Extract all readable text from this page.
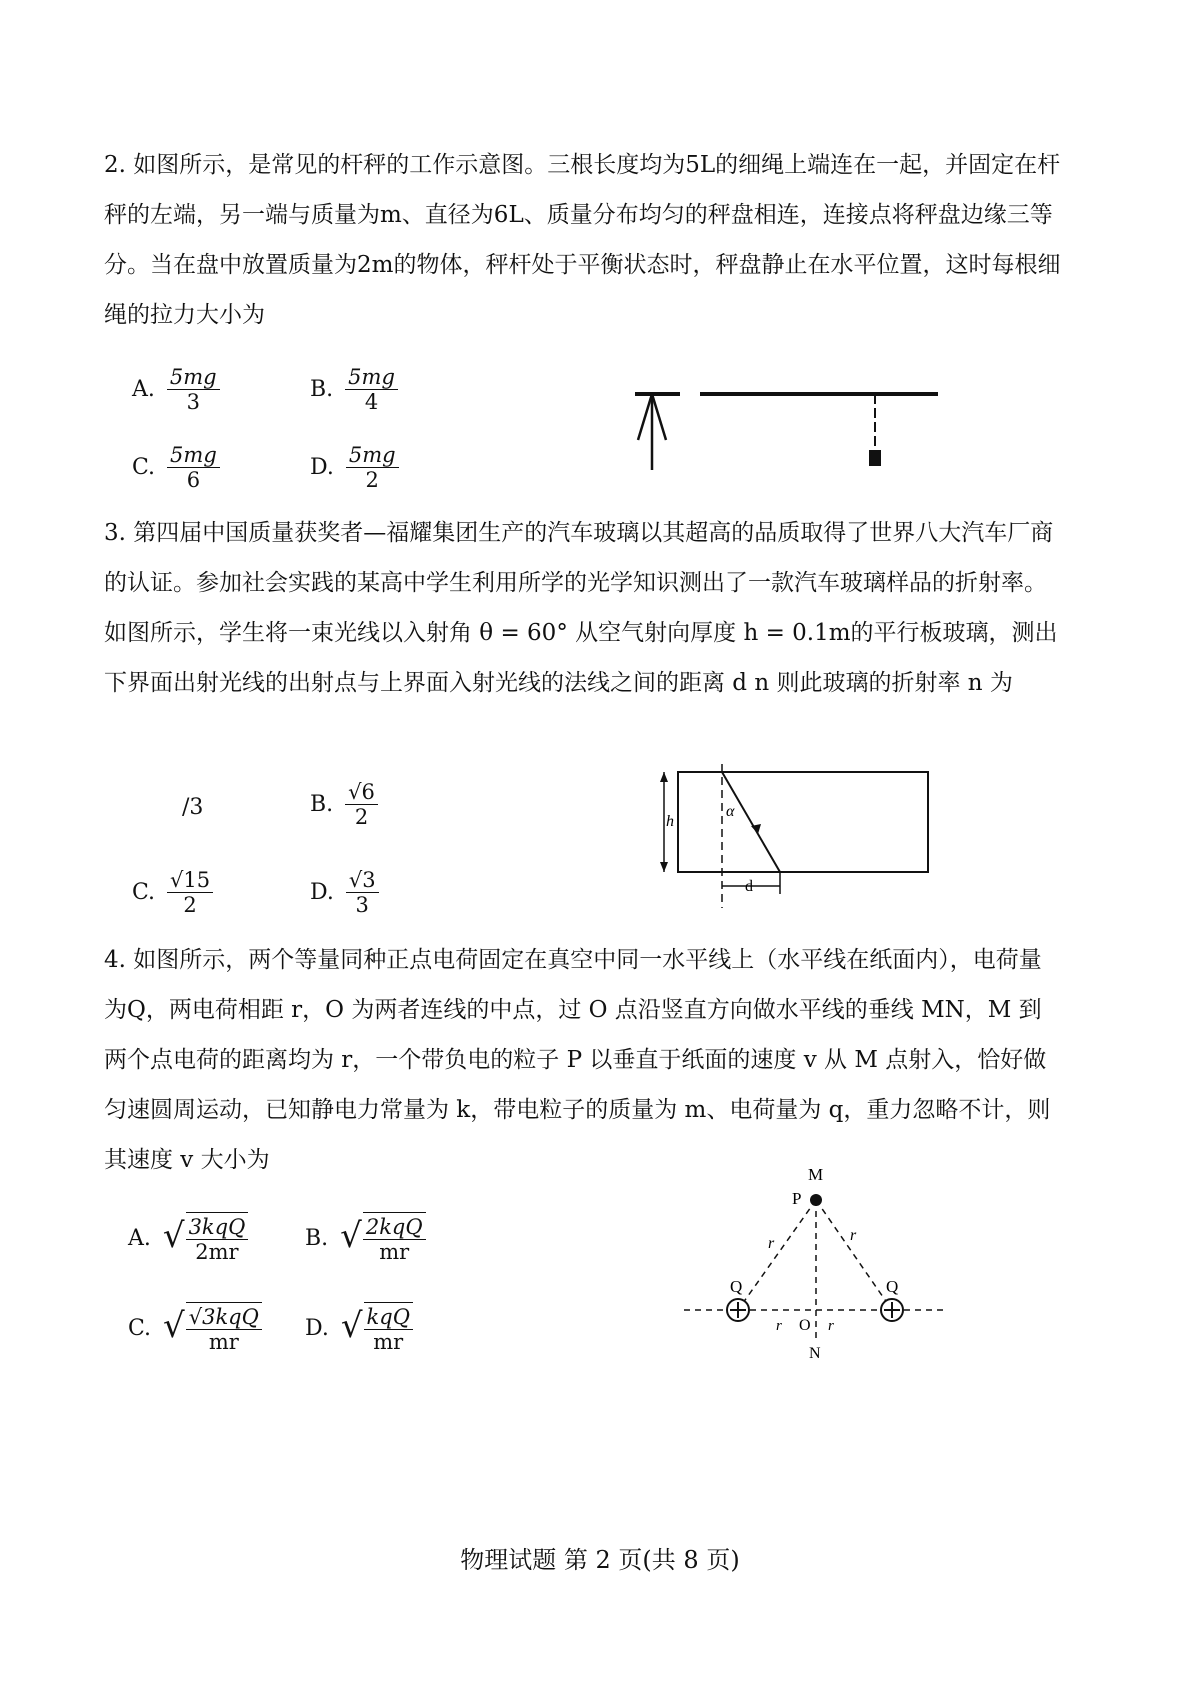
2. 如图所示，是常见的杆秤的工作示意图。三根长度均为5L的细绳上端连在一起，并固定在杆秤的左端，另一端与质量为m、直径为6L、质量分布均匀的秤盘相连，连接点将秤盘边缘三等分。当在盘中放置质量为2m的物体，秤杆处于平衡状态时，秤盘静止在水平位置，这时每根细绳的拉力大小为

A. $\frac{5mg}{3}$	B. $\frac{5mg}{4}$
C. $\frac{5mg}{6}$	D. $\frac{5mg}{2}$

3. 第四届中国质量获奖者—福耀集团生产的汽车玻璃以其超高的品质取得了世界八大汽车厂商的认证。参加社会实践的某高中学生利用所学的光学知识测出了一款汽车玻璃样品的折射率。如图所示，学生将一束光线以入射角 θ = 60° 从空气射向厚度 h = 0.1m的平行板玻璃，测出下界面出射光线的出射点与上界面入射光线的法线之间的距离 d n 则此玻璃的折射率 n 为

/3	B. $\frac{√6}{2}$
C. $\frac{√15}{2}$	D. $\frac{√3}{3}$
h
α
d

4. 如图所示，两个等量同种正点电荷固定在真空中同一水平线上（水平线在纸面内），电荷量为Q，两电荷相距 r，O 为两者连线的中点，过 O 点沿竖直方向做水平线的垂线 MN，M 到两个点电荷的距离均为 r，一个带负电的粒子 P 以垂直于纸面的速度 v 从 M 点射入，恰好做匀速圆周运动，已知静电力常量为 k，带电粒子的质量为 m、电荷量为 q，重力忽略不计，则其速度 v 大小为

A. √ $\frac{\text{3kqQ}}{2mr}$	B. √ $\frac{\text{2kqQ}}{mr}$
C. √ $\frac{\text{√3kqQ}}{mr} D$. √ $\frac{\text{kqQ}}{mr}$
M
P
Q	Q
r	r
r	r
O
N
物理试题 第 2 页(共 8 页)
